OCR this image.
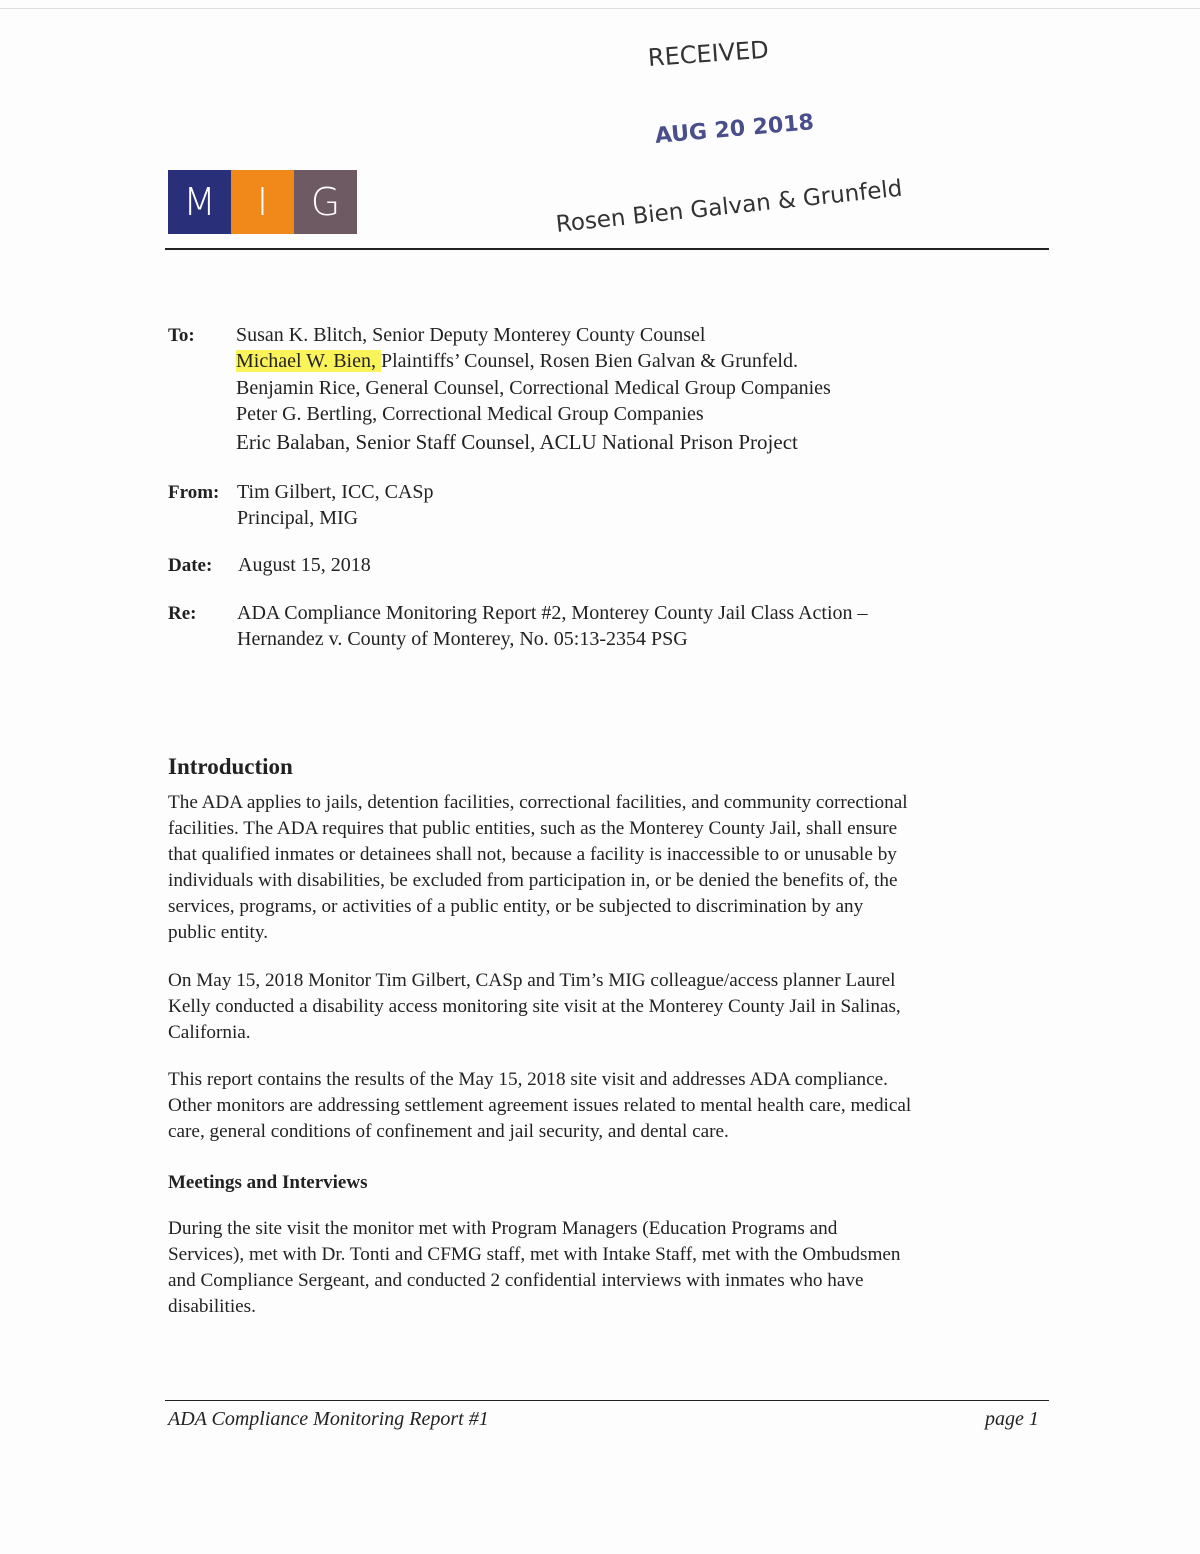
RECEIVED
AUG 20 2018
Rosen Bien Galvan & Grunfeld
M	I	G
To: Susan K. Blitch, Senior Deputy Monterey County Counsel
Michael W. Bien, Plaintiffs’ Counsel, Rosen Bien Galvan & Grunfeld.
Benjamin Rice, General Counsel, Correctional Medical Group Companies
Peter G. Bertling, Correctional Medical Group Companies
Eric Balaban, Senior Staff Counsel, ACLU National Prison Project
From: Tim Gilbert, ICC, CASp
Principal, MIG
Date: August 15, 2018
Re: ADA Compliance Monitoring Report #2, Monterey County Jail Class Action –
Hernandez v. County of Monterey, No. 05:13-2354 PSG
Introduction
The ADA applies to jails, detention facilities, correctional facilities, and community correctional
facilities. The ADA requires that public entities, such as the Monterey County Jail, shall ensure
that qualified inmates or detainees shall not, because a facility is inaccessible to or unusable by
individuals with disabilities, be excluded from participation in, or be denied the benefits of, the
services, programs, or activities of a public entity, or be subjected to discrimination by any
public entity.
On May 15, 2018 Monitor Tim Gilbert, CASp and Tim’s MIG colleague/access planner Laurel
Kelly conducted a disability access monitoring site visit at the Monterey County Jail in Salinas,
California.
This report contains the results of the May 15, 2018 site visit and addresses ADA compliance.
Other monitors are addressing settlement agreement issues related to mental health care, medical
care, general conditions of confinement and jail security, and dental care.
During the site visit the monitor met with Program Managers (Education Programs and
Services), met with Dr. Tonti and CFMG staff, met with Intake Staff, met with the Ombudsmen
and Compliance Sergeant, and conducted 2 confidential interviews with inmates who have
disabilities.
Meetings and Interviews
ADA Compliance Monitoring Report #1	page 1
